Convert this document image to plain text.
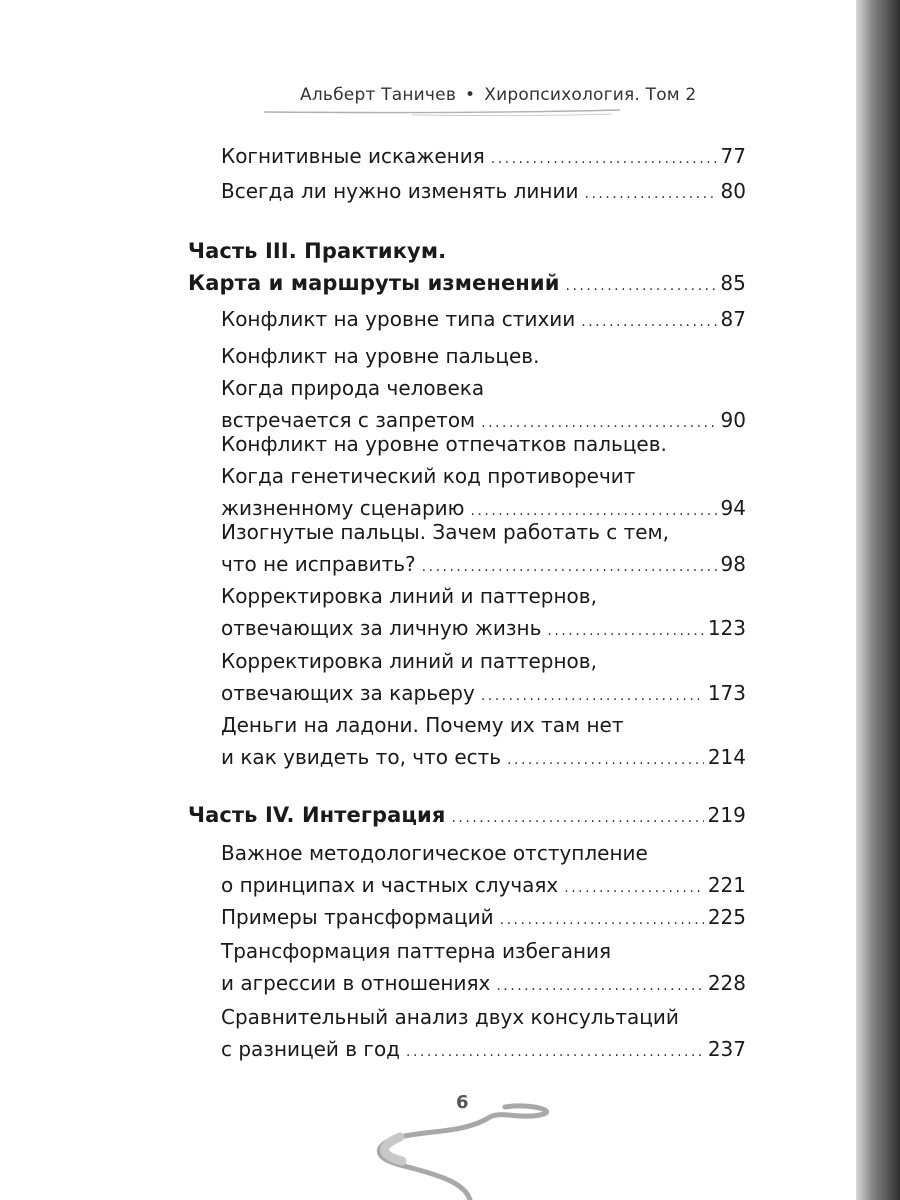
Альберт Таничев • Хиропсихология. Том 2
Когнитивные искажения .....	77
Всегда ли нужно изменять линии .....	80
Часть III. Практикум.
Карта и маршруты изменений .....	85
Конфликт на уровне типа стихии .....	87
Конфликт на уровне пальцев.
Когда природа человека
встречается с запретом .....	90
Конфликт на уровне отпечатков пальцев.
Когда генетический код противоречит
жизненному сценарию .....	94
Изогнутые пальцы. Зачем работать с тем,
что не исправить? .....	98
Корректировка линий и паттернов,
отвечающих за личную жизнь .....	123
Корректировка линий и паттернов,
отвечающих за карьеру .....	173
Деньги на ладони. Почему их там нет
и как увидеть то, что есть .....	214
Часть IV. Интеграция .....	219
Важное методологическое отступление
о принципах и частных случаях .....	221
Примеры трансформаций .....	225
Трансформация паттерна избегания
и агрессии в отношениях .....	228
Сравнительный анализ двух консультаций
с разницей в год .....	237
6
